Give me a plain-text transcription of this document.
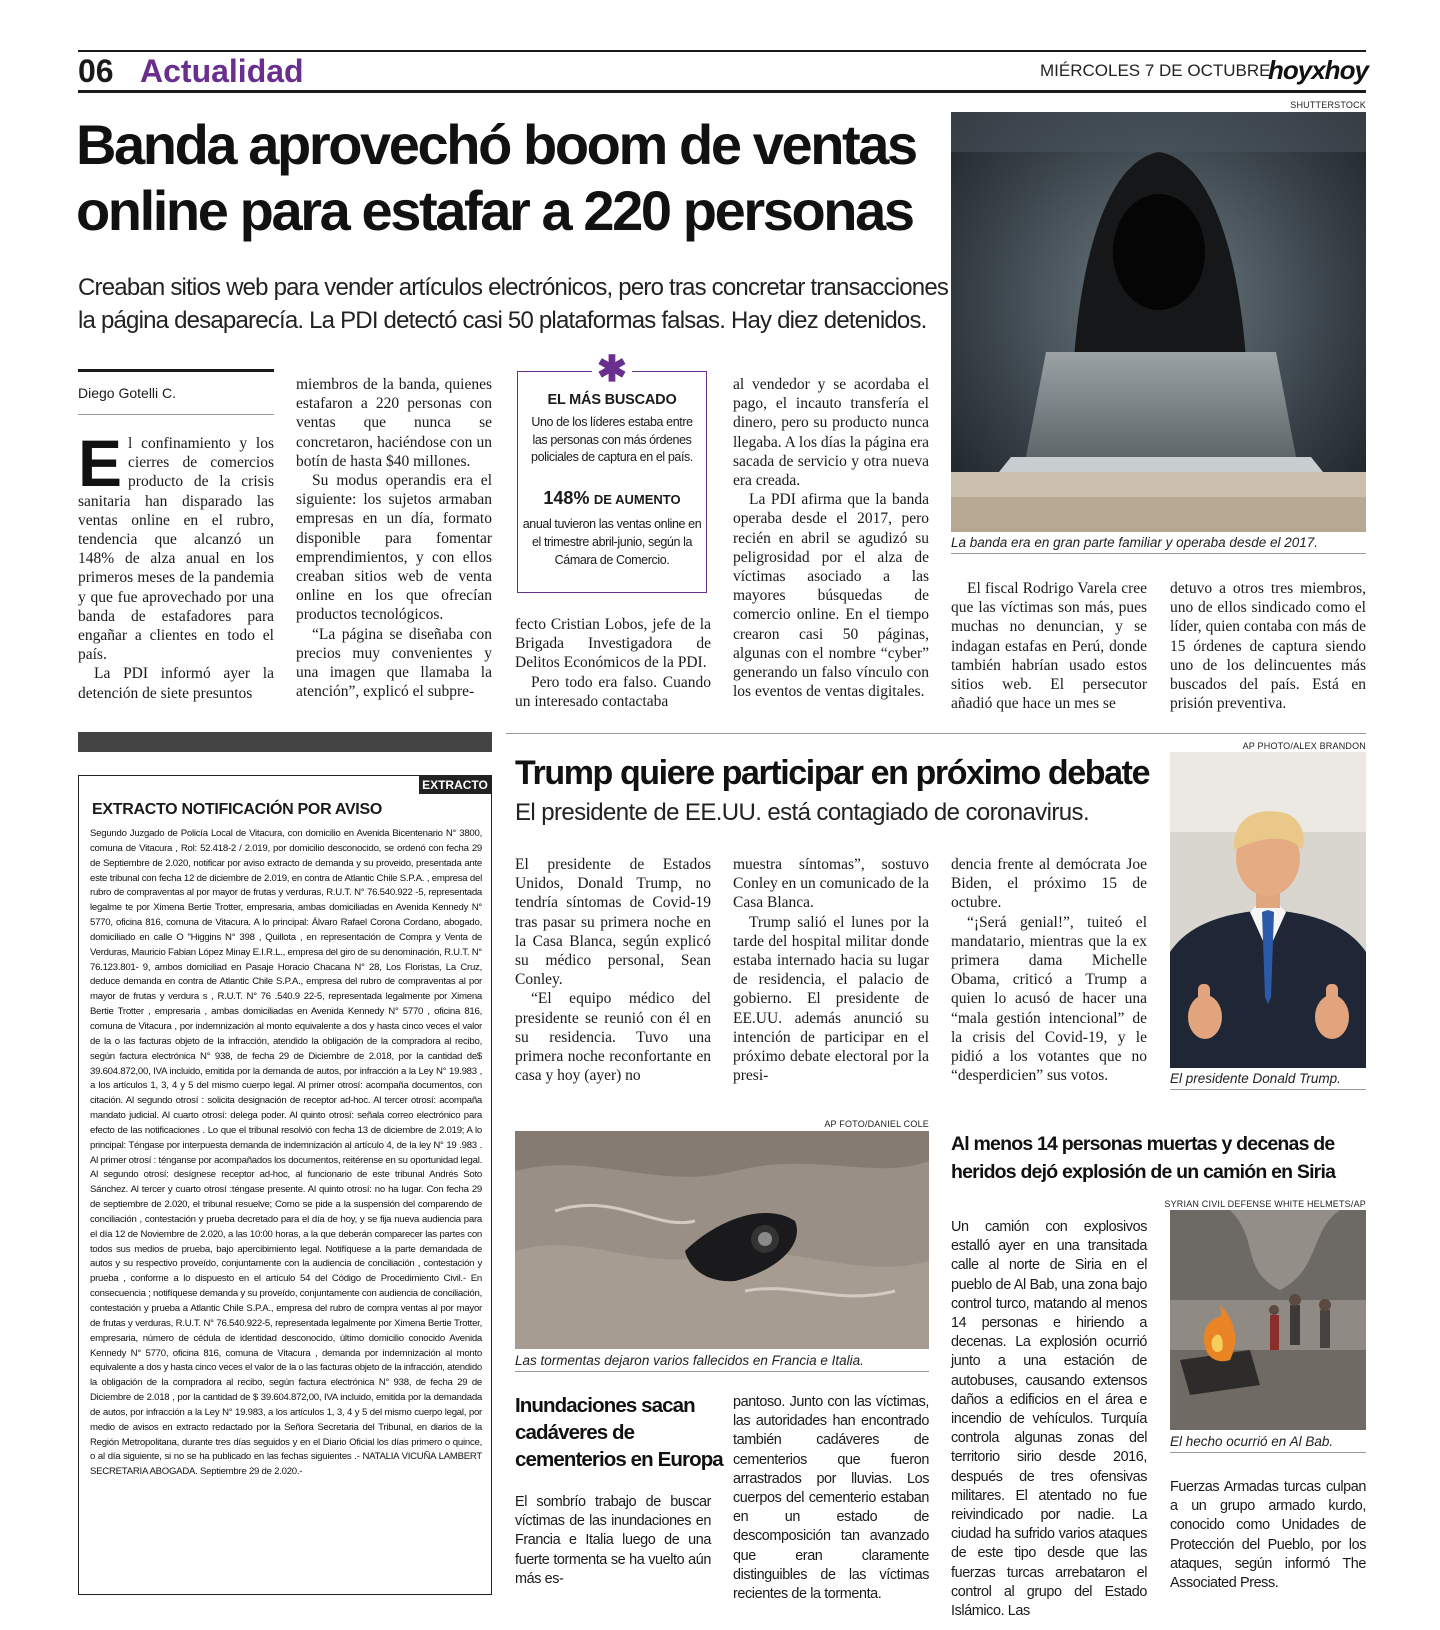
06 Actualidad	MIÉRCOLES 7 DE OCTUBRE
hoyxhoy
Banda aprovechó boom de ventas
online para estafar a 220 personas
Creaban sitios web para vender artículos electrónicos, pero tras concretar transacciones
la página desaparecía. La PDI detectó casi 50 plataformas falsas. Hay diez detenidos.
Diego Gotelli C.
E l confinamiento y los cierres de comercios producto de la crisis sanitaria han disparado las ventas online en el rubro, tendencia que alcanzó un 148% de alza anual en los primeros meses de la pandemia y que fue aprovechado por una banda de estafadores para engañar a clientes en todo el país.

La PDI informó ayer la detención de siete presuntos

miembros de la banda, quienes estafaron a 220 personas con ventas que nunca se concretaron, haciéndose con un botín de hasta $40 millones.

Su modus operandis era el siguiente: los sujetos armaban empresas en un día, formato disponible para fomentar emprendimientos, y con ellos creaban sitios web de venta online en los que ofrecían productos tecnológicos.

“La página se diseñaba con precios muy convenientes y una imagen que llamaba la atención”, explicó el subpre-

✱
EL MÁS BUSCADO
Uno de los líderes estaba entre las personas con más órdenes policiales de captura en el país.
148% DE AUMENTO
anual tuvieron las ventas online en el trimestre abril-junio, según la Cámara de Comercio.

fecto Cristian Lobos, jefe de la Brigada Investigadora de Delitos Económicos de la PDI.

Pero todo era falso. Cuando un interesado contactaba

al vendedor y se acordaba el pago, el incauto transfería el dinero, pero su producto nunca llegaba. A los días la página era sacada de servicio y otra nueva era creada.

La PDI afirma que la banda operaba desde el 2017, pero recién en abril se agudizó su peligrosidad por el alza de víctimas asociado a las mayores búsquedas de comercio online. En el tiempo crearon casi 50 páginas, algunas con el nombre “cyber” generando un falso vínculo con los eventos de ventas digitales.

SHUTTERSTOCK
La banda era en gran parte familiar y operaba desde el 2017.

El fiscal Rodrigo Varela cree que las víctimas son más, pues muchas no denuncian, y se indagan estafas en Perú, donde también habrían usado estos sitios web. El persecutor añadió que hace un mes se

detuvo a otros tres miembros, uno de ellos sindicado como el líder, quien contaba con más de 15 órdenes de captura siendo uno de los delincuentes más buscados del país. Está en prisión preventiva.

EXTRACTO
EXTRACTO NOTIFICACIÓN POR AVISO
Segundo Juzgado de Policía Local de Vitacura, con domicilio en Avenida Bicentenario N° 3800, comuna de Vitacura , Rol: 52.418-2 / 2.019, por domicilio desconocido, se ordenó con fecha 29 de Septiembre de 2.020, notificar por aviso extracto de demanda y su proveido, presentada ante este tribunal con fecha 12 de diciembre de 2.019, en contra de Atlantic Chile S.P.A. , empresa del rubro de compraventas al por mayor de frutas y verduras, R.U.T. N° 76.540.922 -5, representada legalme te por Ximena Bertie Trotter, empresaria, ambas domiciliadas en Avenida Kennedy N° 5770, oficina 816, comuna de Vitacura. A lo principal: Álvaro Rafael Corona Cordano, abogado, domiciliado en calle O "Higgins N° 398 , Quillota , en representación de Compra y Venta de Verduras, Mauricio Fabian López Minay E.I.R.L., empresa del giro de su denominación, R.U.T. N° 76.123.801- 9, ambos domiciliad en Pasaje Horacio Chacana N° 28, Los Floristas, La Cruz, deduce demanda en contra de Atlantic Chile S.P.A., empresa del rubro de compraventas al por mayor de frutas y verdura s , R.U.T. N° 76 .540.9 22-5, representada legalmente por Ximena Bertie Trotter , empresaria , ambas domiciliadas en Avenida Kennedy N° 5770 , oficina 816, comuna de Vitacura , por indemnización al monto equivalente a dos y hasta cinco veces el valor de la o las facturas objeto de la infracción, atendido la obligación de la compradora al recibo, según factura electrónica N° 938, de fecha 29 de Diciembre de 2.018, por la cantidad de$ 39.604.872,00, IVA incluido, emitida por la demanda de autos, por infracción a la Ley N° 19.983 , a los artículos 1, 3, 4 y 5 del mismo cuerpo legal. Al primer otrosí: acompaña documentos, con citación. Al segundo otrosí : solicita designación de receptor ad-hoc. Al tercer otrosí: acompaña mandato judicial. Al cuarto otrosí: delega poder. Al quinto otrosí: señala correo electrónico para efecto de las notificaciones . Lo que el tribunal resolvió con fecha 13 de diciembre de 2.019; A lo principal: Téngase por interpuesta demanda de indemnización al artículo 4, de la ley N° 19 .983 . Al primer otrosí : ténganse por acompañados los documentos, reitérense en su oportunidad legal. Al segundo otrosí: desígnese receptor ad-hoc, al funcionario de este tribunal Andrés Soto Sánchez. Al tercer y cuarto otrosí :téngase presente. Al quinto otrosí: no ha lugar. Con fecha 29 de septiembre de 2.020, el tribunal resuelve; Como se pide a la suspensión del comparendo de conciliación , contestación y prueba decretado para el día de hoy, y se fija nueva audiencia para el día 12 de Noviembre de 2.020, a las 10:00 horas, a la que deberán comparecer las partes con todos sus medios de prueba, bajo apercibimiento legal. Notifíquese a la parte demandada de autos y su respectivo proveído, conjuntamente con la audiencia de conciliación , contestación y prueba , conforme a lo dispuesto en el artículo 54 del Código de Procedimiento Civil.- En consecuencia ; notifíquese demanda y su proveído, conjuntamente con audiencia de conciliación, contestación y prueba a Atlantic Chile S.P.A., empresa del rubro de compra ventas al por mayor de frutas y verduras, R.U.T. N° 76.540.922-5, representada legalmente por Ximena Bertie Trotter, empresaria, número de cédula de identidad desconocido, último domicilio conocido Avenida Kennedy N° 5770, oficina 816, comuna de Vitacura , demanda por indemnización al monto equivalente a dos y hasta cinco veces el valor de la o las facturas objeto de la infracción, atendido la obligación de la compradora al recibo, según factura electrónica N° 938, de fecha 29 de Diciembre de 2.018 , por la cantidad de $ 39.604.872,00, IVA incluido, emitida por la demandada de autos, por infracción a la Ley N° 19.983, a los artículos 1, 3, 4 y 5 del mismo cuerpo legal, por medio de avisos en extracto redactado por la Señora Secretaria del Tribunal, en diarios de la Región Metropolitana, durante tres días seguidos y en el Diario Oficial los días primero o quince, o al día siguiente, si no se ha publicado en las fechas siguientes .- NATALIA VICUÑA LAMBERT SECRETARIA ABOGADA. Septiembre 29 de 2.020.-
Trump quiere participar en próximo debate
El presidente de EE.UU. está contagiado de coronavirus.

El presidente de Estados Unidos, Donald Trump, no tendría síntomas de Covid-19 tras pasar su primera noche en la Casa Blanca, según explicó su médico personal, Sean Conley.

“El equipo médico del presidente se reunió con él en su residencia. Tuvo una primera noche reconfortante en casa y hoy (ayer) no

muestra síntomas”, sostuvo Conley en un comunicado de la Casa Blanca.

Trump salió el lunes por la tarde del hospital militar donde estaba internado hacia su lugar de residencia, el palacio de gobierno. El presidente de EE.UU. además anunció su intención de participar en el próximo debate electoral por la presi-

dencia frente al demócrata Joe Biden, el próximo 15 de octubre.

“¡Será genial!”, tuiteó el mandatario, mientras que la ex primera dama Michelle Obama, criticó a Trump a quien lo acusó de hacer una “mala gestión intencional” de la crisis del Covid-19, y le pidió a los votantes que no “desperdicien” sus votos.

AP PHOTO/ALEX BRANDON
El presidente Donald Trump.
AP FOTO/DANIEL COLE
Las tormentas dejaron varios fallecidos en Francia e Italia.
Inundaciones sacan
cadáveres de
cementerios en Europa

El sombrío trabajo de buscar víctimas de las inundaciones en Francia e Italia luego de una fuerte tormenta se ha vuelto aún más es-

pantoso. Junto con las víctimas, las autoridades han encontrado también cadáveres de cementerios que fueron arrastrados por lluvias. Los cuerpos del cementerio estaban en un estado de descomposición tan avanzado que eran claramente distinguibles de las víctimas recientes de la tormenta.

Al menos 14 personas muertas y decenas de
heridos dejó explosión de un camión en Siria

Un camión con explosivos estalló ayer en una transitada calle al norte de Siria en el pueblo de Al Bab, una zona bajo control turco, matando al menos 14 personas e hiriendo a decenas. La explosión ocurrió junto a una estación de autobuses, causando extensos daños a edificios en el área e incendio de vehículos. Turquía controla algunas zonas del territorio sirio desde 2016, después de tres ofensivas militares. El atentado no fue reivindicado por nadie. La ciudad ha sufrido varios ataques de este tipo desde que las fuerzas turcas arrebataron el control al grupo del Estado Islámico. Las

SYRIAN CIVIL DEFENSE WHITE HELMETS/AP
El hecho ocurrió en Al Bab.

Fuerzas Armadas turcas culpan a un grupo armado kurdo, conocido como Unidades de Protección del Pueblo, por los ataques, según informó The Associated Press.
